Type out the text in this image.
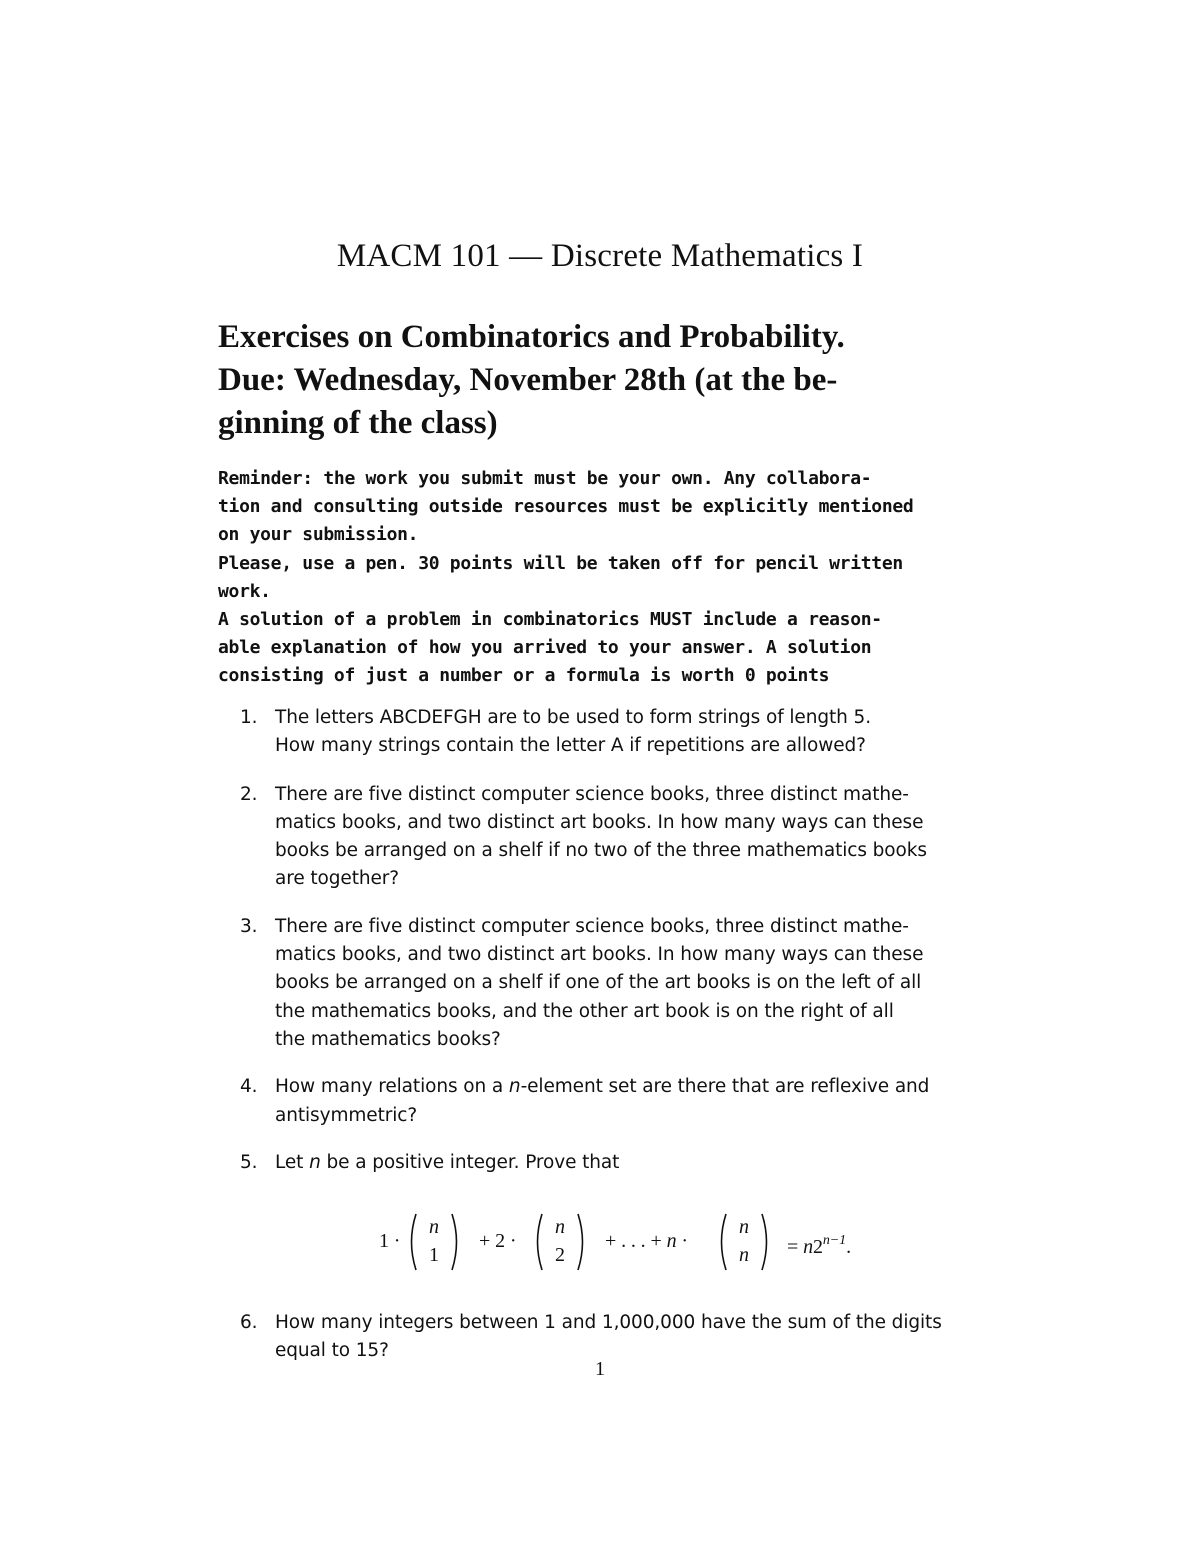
MACM 101 — Discrete Mathematics I
Exercises on Combinatorics and Probability.
Due: Wednesday, November 28th (at the be-
ginning of the class)

Reminder: the work you submit must be your own. Any collabora-
tion and consulting outside resources must be explicitly mentioned
on your submission.

Please, use a pen. 30 points will be taken off for pencil written
work.

A solution of a problem in combinatorics MUST include a reason-
able explanation of how you arrived to your answer. A solution
consisting of just a number or a formula is worth 0 points

1. The letters ABCDEFGH are to be used to form strings of length 5.
How many strings contain the letter A if repetitions are allowed?
2. There are five distinct computer science books, three distinct mathe-
matics books, and two distinct art books. In how many ways can these
books be arranged on a shelf if no two of the three mathematics books
are together?
3. There are five distinct computer science books, three distinct mathe-
matics books, and two distinct art books. In how many ways can these
books be arranged on a shelf if one of the art books is on the left of all
the mathematics books, and the other art book is on the right of all
the mathematics books?
4. How many relations on a n-element set are there that are reflexive and
antisymmetric?
5. Let n be a positive integer. Prove that
1 ·
n
1
+ 2 ·
n
2
+ . . . + n ·
n
n	= $n2^{n-1}$.
6. How many integers between 1 and 1,000,000 have the sum of the digits
equal to 15?
1
